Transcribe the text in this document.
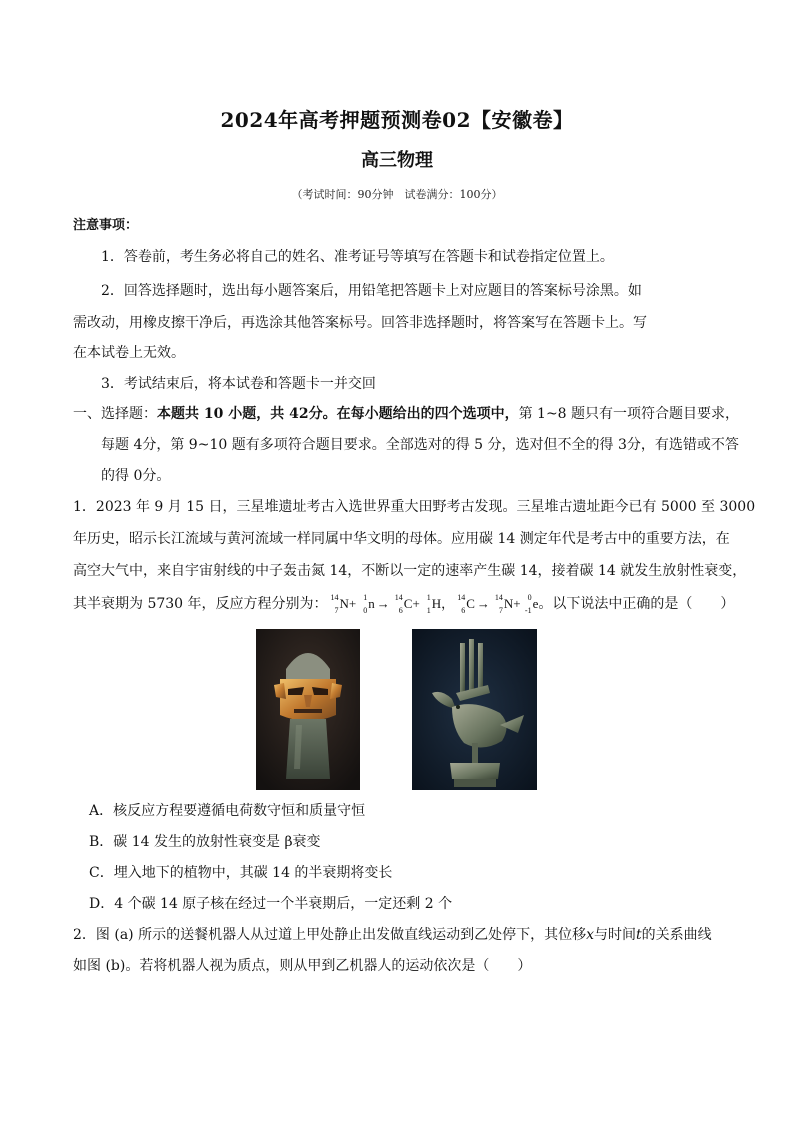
2024年高考押题预测卷02【安徽卷】
高三物理
（考试时间：90分钟　试卷满分：100分）
注意事项：
1．答卷前，考生务必将自己的姓名、准考证号等填写在答题卡和试卷指定位置上。
2．回答选择题时，选出每小题答案后，用铅笔把答题卡上对应题目的答案标号涂黑。如
需改动，用橡皮擦干净后，再选涂其他答案标号。回答非选择题时，将答案写在答题卡上。写
在本试卷上无效。
3．考试结束后，将本试卷和答题卡一并交回
一、选择题：本题共 10 小题，共 42分。在每小题给出的四个选项中，第 1~8 题只有一项符合题目要求，
每题 4分，第 9~10 题有多项符合题目要求。全部选对的得 5 分，选对但不全的得 3分，有选错或不答
的得 0分。
1．2023 年 9 月 15 日，三星堆遗址考古入选世界重大田野考古发现。三星堆古遗址距今已有 5000 至 3000
年历史，昭示长江流域与黄河流域一样同属中华文明的母体。应用碳 14 测定年代是考古中的重要方法，在
高空大气中，来自宇宙射线的中子轰击氮 14，不断以一定的速率产生碳 14，接着碳 14 就发生放射性衰变，
其半衰期为 5730 年，反应方程分别为： 14
7 N+ 1
0 n → 14
6 C+ 1
1 H， 14
6 C → 14
7 N+ 0
-1 e。以下说法中正确的是（　　）
A．核反应方程要遵循电荷数守恒和质量守恒
B．碳 14 发生的放射性衰变是 β衰变
C．埋入地下的植物中，其碳 14 的半衰期将变长
D．4 个碳 14 原子核在经过一个半衰期后，一定还剩 2 个
2．图 (a) 所示的送餐机器人从过道上甲处静止出发做直线运动到乙处停下，其位移x与时间t的关系曲线
如图 (b)。若将机器人视为质点，则从甲到乙机器人的运动依次是（　　）
